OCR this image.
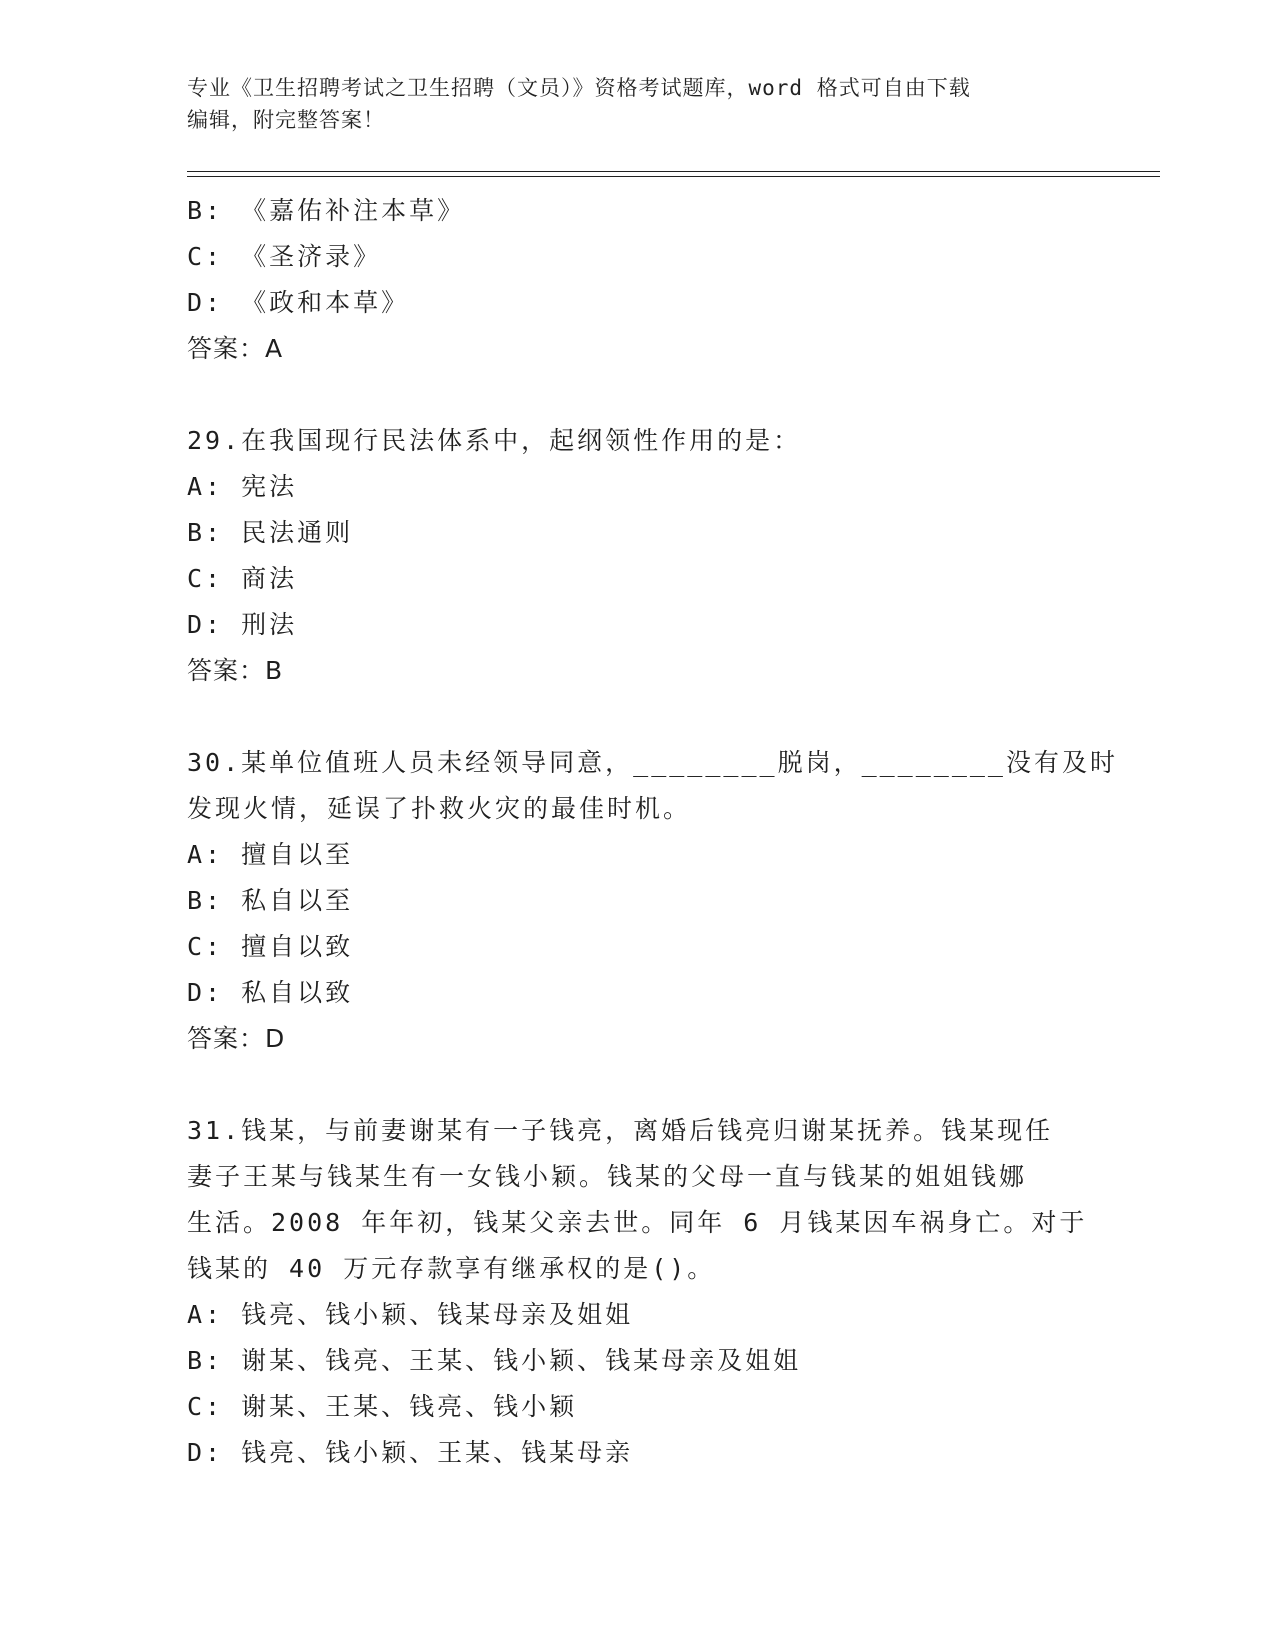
专业《卫生招聘考试之卫生招聘（文员）》资格考试题库，word 格式可自由下载
编辑，附完整答案！
B: 《嘉佑补注本草》
C: 《圣济录》
D: 《政和本草》
答案：A
29.在我国现行民法体系中，起纲领性作用的是：
A: 宪法
B: 民法通则
C: 商法
D: 刑法
答案：B
30.某单位值班人员未经领导同意，________脱岗，________没有及时
发现火情，延误了扑救火灾的最佳时机。
A: 擅自以至
B: 私自以至
C: 擅自以致
D: 私自以致
答案：D
31.钱某，与前妻谢某有一子钱亮，离婚后钱亮归谢某抚养。钱某现任
妻子王某与钱某生有一女钱小颖。钱某的父母一直与钱某的姐姐钱娜
生活。2008 年年初，钱某父亲去世。同年 6 月钱某因车祸身亡。对于
钱某的 40 万元存款享有继承权的是()。
A: 钱亮、钱小颖、钱某母亲及姐姐
B: 谢某、钱亮、王某、钱小颖、钱某母亲及姐姐
C: 谢某、王某、钱亮、钱小颖
D: 钱亮、钱小颖、王某、钱某母亲
